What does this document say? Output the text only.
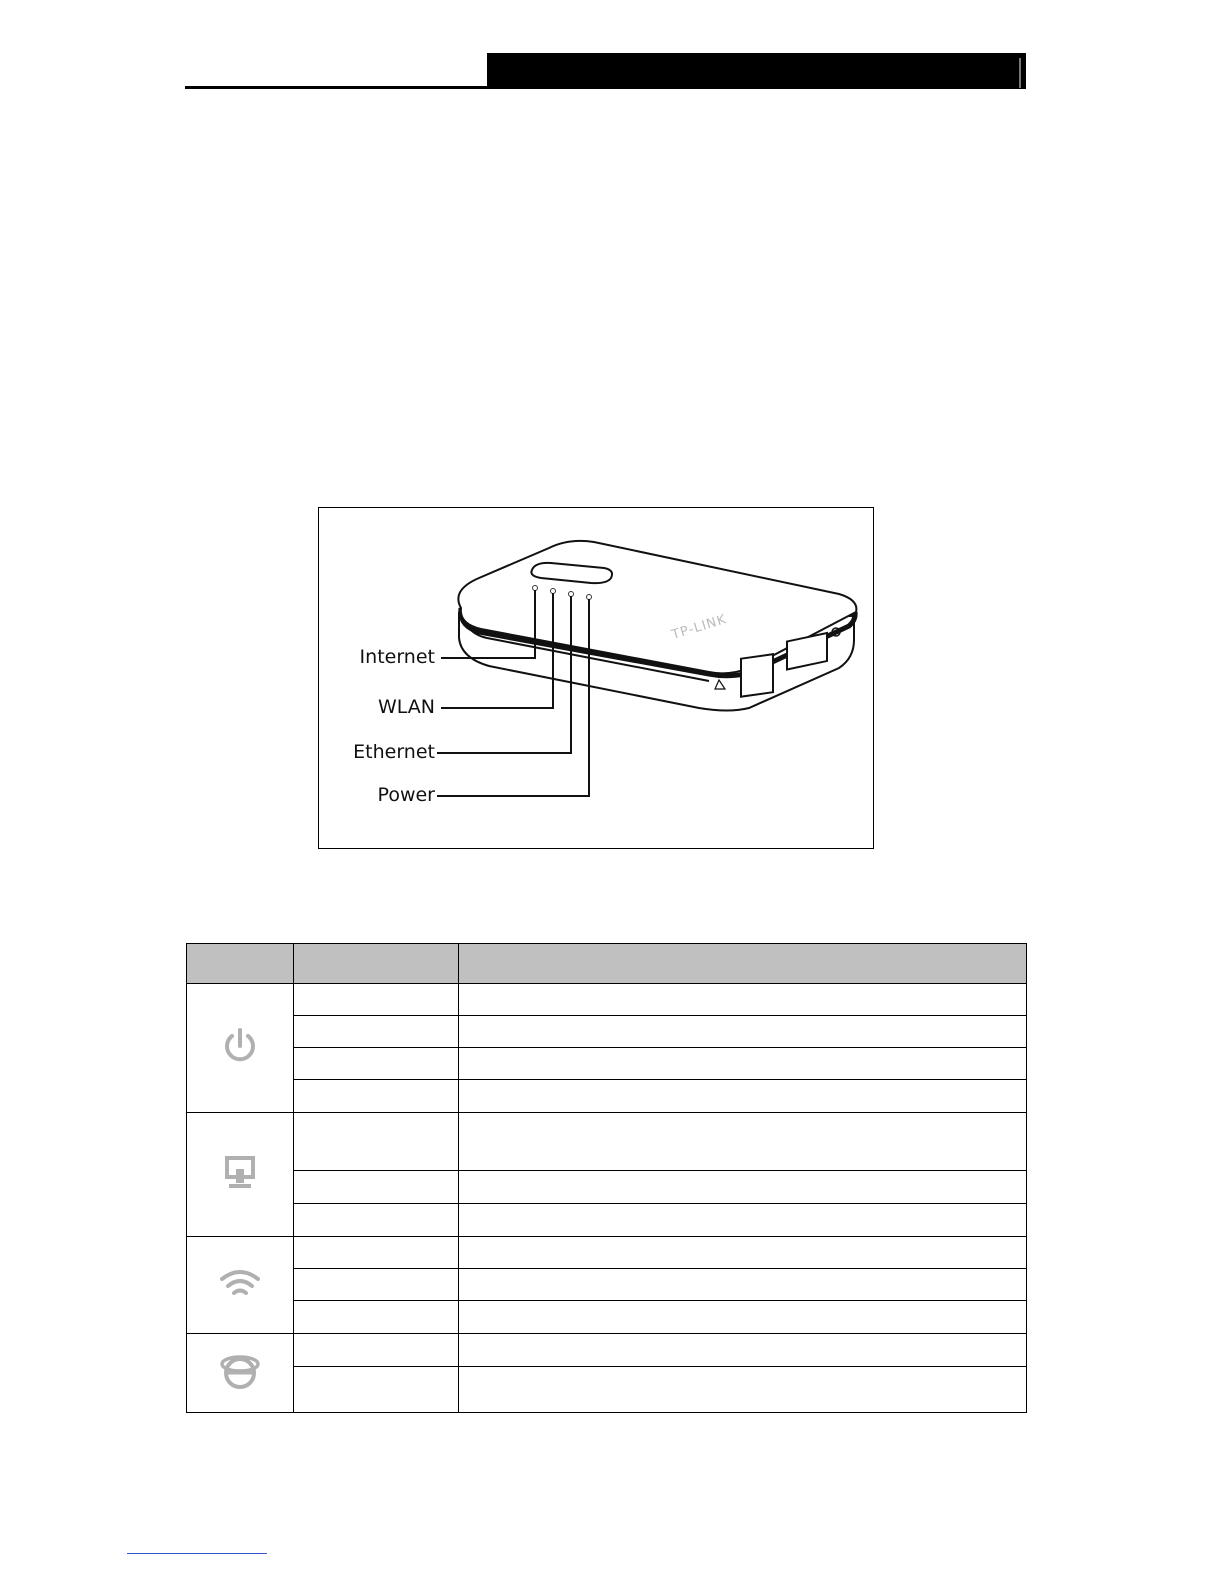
TP-LINK
Internet
WLAN
Ethernet
Power
